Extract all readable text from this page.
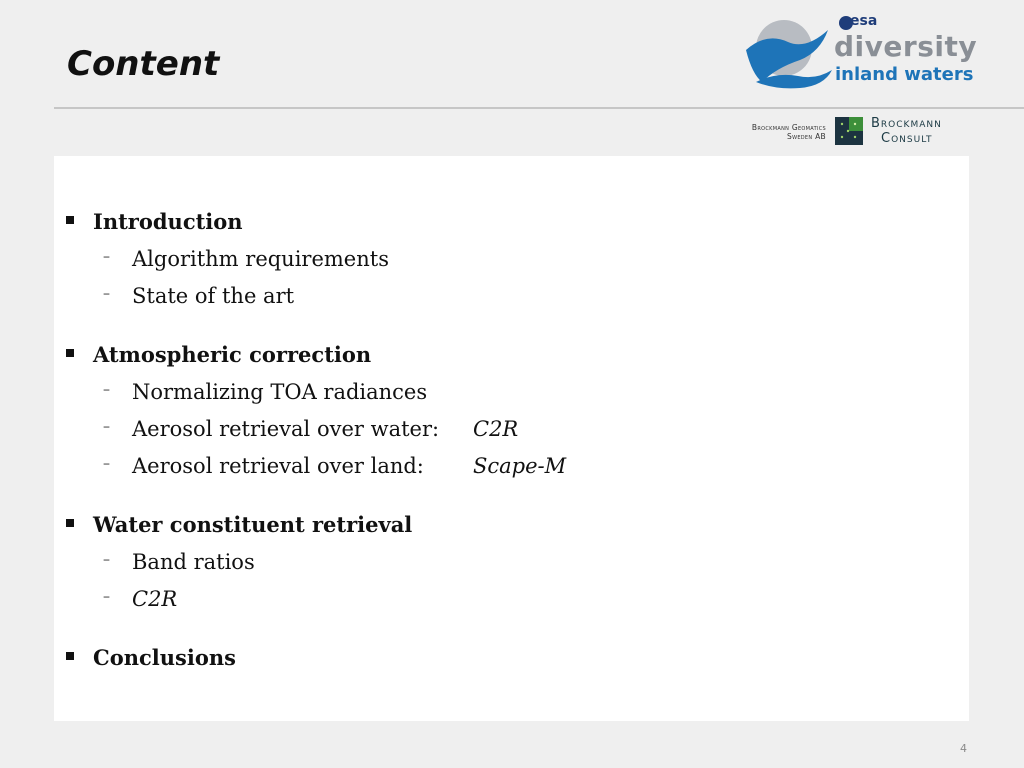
Content
esa
diversity
inland waters
Brockmann Geomatics
Sweden AB
Brockmann
Consult
Introduction
– Algorithm requirements
– State of the art
Atmospheric correction
– Normalizing TOA radiances
– Aerosol retrieval over water: C2R
– Aerosol retrieval over land: Scape-M
Water constituent retrieval
– Band ratios
– C2R
Conclusions
4
